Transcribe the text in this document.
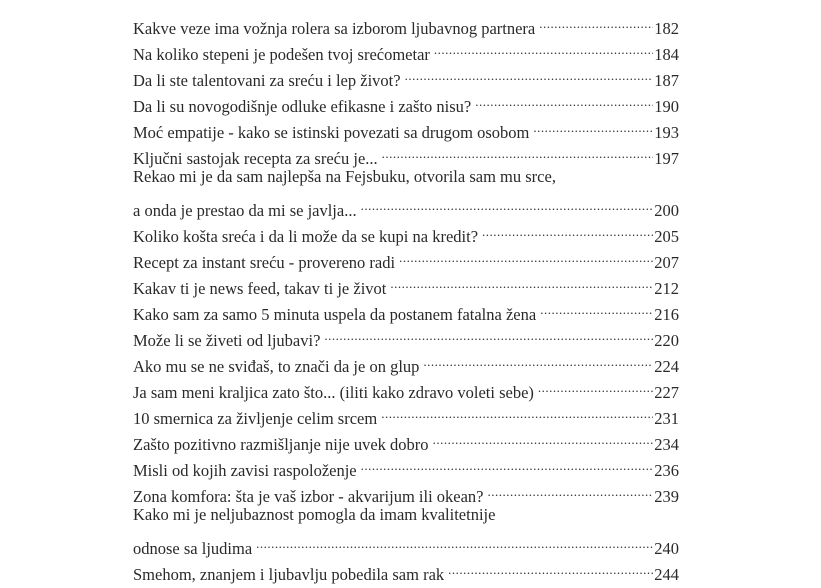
Kakve veze ima vožnja rolera sa izborom ljubavnog partnera .....	182
Na koliko stepeni je podešen tvoj srećometar .....	184
Da li ste talentovani za sreću i lep život? .....	187
Da li su novogodišnje odluke efikasne i zašto nisu? .....	190
Moć empatije - kako se istinski povezati sa drugom osobom .....	193
Ključni sastojak recepta za sreću je... .....	197
Rekao mi je da sam najlepša na Fejsbuku, otvorila sam mu srce,
a onda je prestao da mi se javlja... .....	200
Koliko košta sreća i da li može da se kupi na kredit? .....	205
Recept za instant sreću - provereno radi .....	207
Kakav ti je news feed, takav ti je život .....	212
Kako sam za samo 5 minuta uspela da postanem fatalna žena .....	216
Može li se živeti od ljubavi? .....	220
Ako mu se ne sviđaš, to znači da je on glup .....	224
Ja sam meni kraljica zato što... (iliti kako zdravo voleti sebe) .....	227
10 smernica za življenje celim srcem .....	231
Zašto pozitivno razmišljanje nije uvek dobro .....	234
Misli od kojih zavisi raspoloženje .....	236
Zona komfora: šta je vaš izbor - akvarijum ili okean? .....	239
Kako mi je neljubaznost pomogla da imam kvalitetnije
odnose sa ljudima .....	240
Smehom, znanjem i ljubavlju pobedila sam rak .....	244
